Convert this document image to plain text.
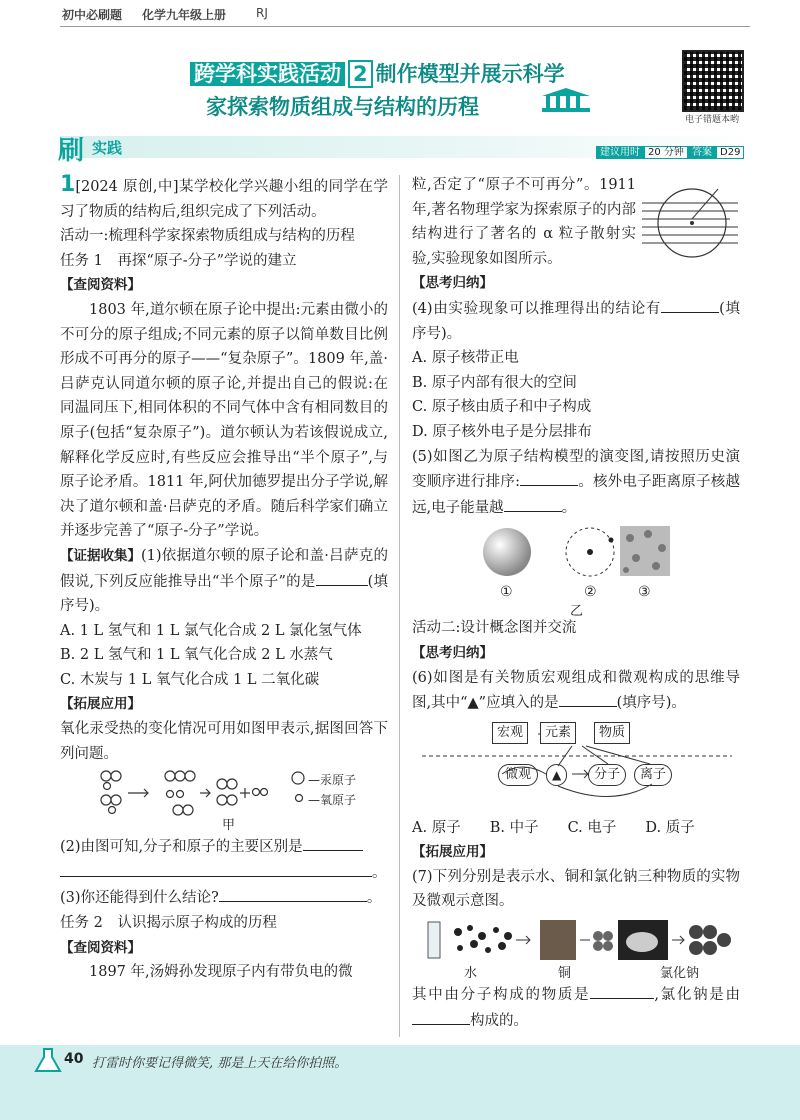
初中必刷题 化学九年级上册 RJ
跨学科实践活动 2 制作模型并展示科学
家探索物质组成与结构的历程
电子错题本哟
刷 实践	建议用时 20 分钟 答案 D29

1[2024 原创,中]某学校化学兴趣小组的同学在学习了物质的结构后,组织完成了下列活动。

活动一:梳理科学家探索物质组成与结构的历程

任务 1　再探“原子-分子”学说的建立

【查阅资料】

1803 年,道尔顿在原子论中提出:元素由微小的不可分的原子组成;不同元素的原子以简单数目比例形成不可再分的原子——“复杂原子”。1809 年,盖·吕萨克认同道尔顿的原子论,并提出自己的假说:在同温同压下,相同体积的不同气体中含有相同数目的原子(包括“复杂原子”)。道尔顿认为若该假说成立,解释化学反应时,有些反应会推导出“半个原子”,与原子论矛盾。1811 年,阿伏加德罗提出分子学说,解决了道尔顿和盖·吕萨克的矛盾。随后科学家们确立并逐步完善了“原子-分子”学说。

【证据收集】(1)依据道尔顿的原子论和盖·吕萨克的假说,下列反应能推导出“半个原子”的是	(填序号)。

A. 1 L 氢气和 1 L 氯气化合成 2 L 氯化氢气体

B. 2 L 氢气和 1 L 氧气化合成 2 L 水蒸气

C. 木炭与 1 L 氧气化合成 1 L 二氧化碳

【拓展应用】

氧化汞受热的变化情况可用如图甲表示,据图回答下列问题。

—汞原子
—氧原子
甲

(2)由图可知,分子和原子的主要区别是

。

(3)你还能得到什么结论?	。

任务 2　认识揭示原子构成的历程

【查阅资料】

1897 年,汤姆孙发现原子内有带负电的微

粒,否定了“原子不可再分”。1911 年,著名物理学家为探索原子的内部结构进行了著名的 α 粒子散射实验,实验现象如图所示。

【思考归纳】

(4)由实验现象可以推理得出的结论有	(填序号)。

A. 原子核带正电

B. 原子内部有很大的空间

C. 原子核由质子和中子构成

D. 原子核外电子是分层排布

(5)如图乙为原子结构模型的演变图,请按照历史演变顺序进行排序:	。核外电子距离原子核越远,电子能量越	。

①	②	③
乙

活动二:设计概念图并交流

【思考归纳】

(6)如图是有关物质宏观组成和微观构成的思维导图,其中“▲”应填入的是	(填序号)。

宏观
微观	▲	分子	离子
元素	物质

A. 原子　　 B. 中子　　 C. 电子　　 D. 质子

【拓展应用】

(7)下列分别是表示水、铜和氯化钠三种物质的实物及微观示意图。

水	铜	氯化钠

其中由分子构成的物质是	,氯化钠是由构成的。

40 打雷时你要记得微笑, 那是上天在给你拍照。
